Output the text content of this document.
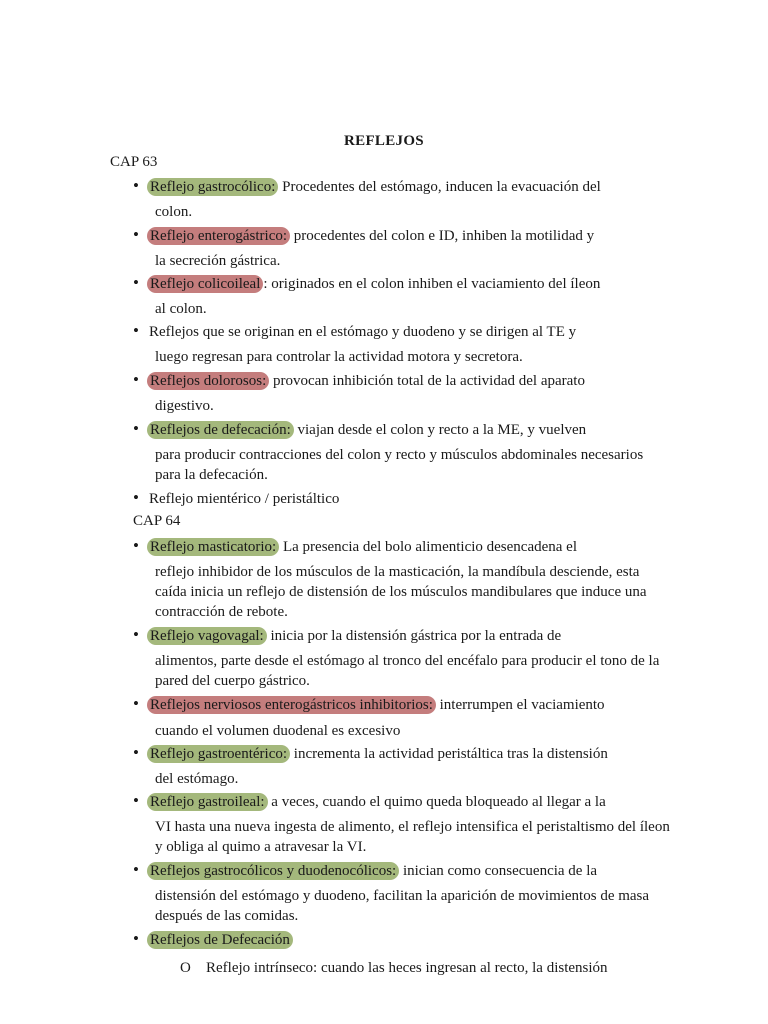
REFLEJOS
CAP 63
• Reflejo gastrocólico: Procedentes del estómago, inducen la evacuación del
colon.
• Reflejo enterogástrico: procedentes del colon e ID, inhiben la motilidad y
la secreción gástrica.
• Reflejo colicoileal : originados en el colon inhiben el vaciamiento del íleon
al colon.
• Reflejos que se originan en el estómago y duodeno y se dirigen al TE y
luego regresan para controlar la actividad motora y secretora.
• Reflejos dolorosos: provocan inhibición total de la actividad del aparato
digestivo.
• Reflejos de defecación: viajan desde el colon y recto a la ME, y vuelven
para producir contracciones del colon y recto y músculos abdominales necesarios para la defecación.
• Reflejo mientérico / peristáltico
CAP 64
• Reflejo masticatorio: La presencia del bolo alimenticio desencadena el
reflejo inhibidor de los músculos de la masticación, la mandíbula desciende, esta caída inicia un reflejo de distensión de los músculos mandibulares que induce una contracción de rebote.
• Reflejo vagovagal: inicia por la distensión gástrica por la entrada de
alimentos, parte desde el estómago al tronco del encéfalo para producir el tono de la pared del cuerpo gástrico.
• Reflejos nerviosos enterogástricos inhibitorios: interrumpen el vaciamiento
cuando el volumen duodenal es excesivo
• Reflejo gastroentérico: incrementa la actividad peristáltica tras la distensión
del estómago.
• Reflejo gastroileal: a veces, cuando el quimo queda bloqueado al llegar a la
VI hasta una nueva ingesta de alimento, el reflejo intensifica el peristaltismo del íleon y obliga al quimo a atravesar la VI.
• Reflejos gastrocólicos y duodenocólicos: inician como consecuencia de la
distensión del estómago y duodeno, facilitan la aparición de movimientos de masa después de las comidas.
• Reflejos de Defecación
O Reflejo intrínseco: cuando las heces ingresan al recto, la distensión
